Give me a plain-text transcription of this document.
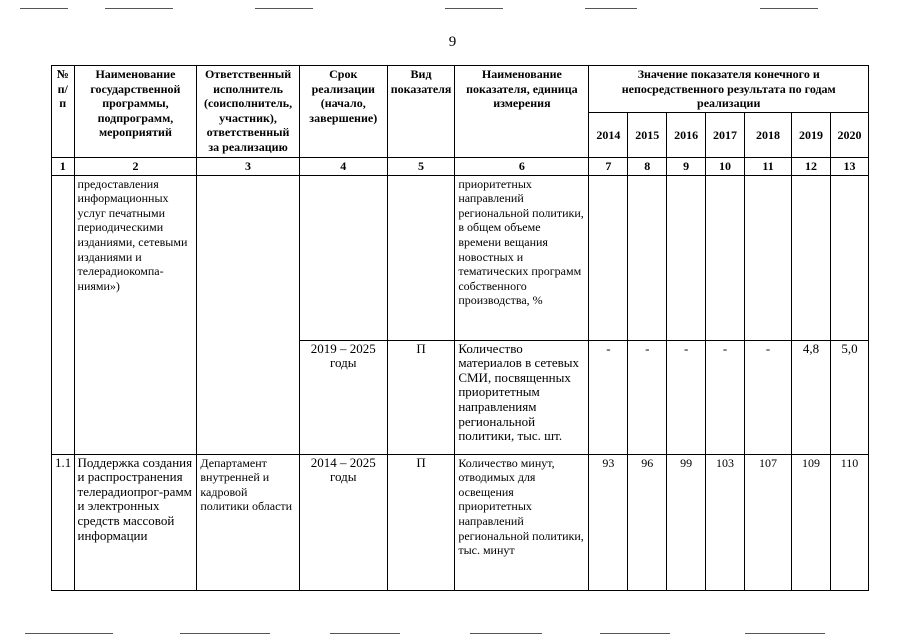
9
№ п/п	Наименование государственной программы, подпрограмм, мероприятий	Ответственный исполнитель (соисполнитель, участник), ответственный за реализацию	Срок реализации (начало, завершение)	Вид показателя	Наименование показателя, единица измерения	Значение показателя конечного и непосредственного результата по годам реализации						
						2014	2015	2016	2017	2018	2019	2020
1	2	3	4	5	6	7	8	9	10	11	12	13
	предоставления информационных услуг печатными периодическими изданиями, сетевыми изданиями и телерадиокомпа-ниями»)				приоритетных направлений региональной политики, в общем объеме времени вещания новостных и тематических программ собственного производства, %							
			2019 – 2025 годы	П	Количество материалов в сетевых СМИ, посвященных приоритетным направлениям региональной политики, тыс. шт.	-	-	-	-	-	4,8	5,0
1.1	Поддержка создания и распространения телерадиопрог-рамм и электронных средств массовой информации	Департамент внутренней и кадровой политики области	2014 – 2025 годы	П	Количество минут, отводимых для освещения приоритетных направлений региональной политики, тыс. минут	93	96	99	103	107	109	110
